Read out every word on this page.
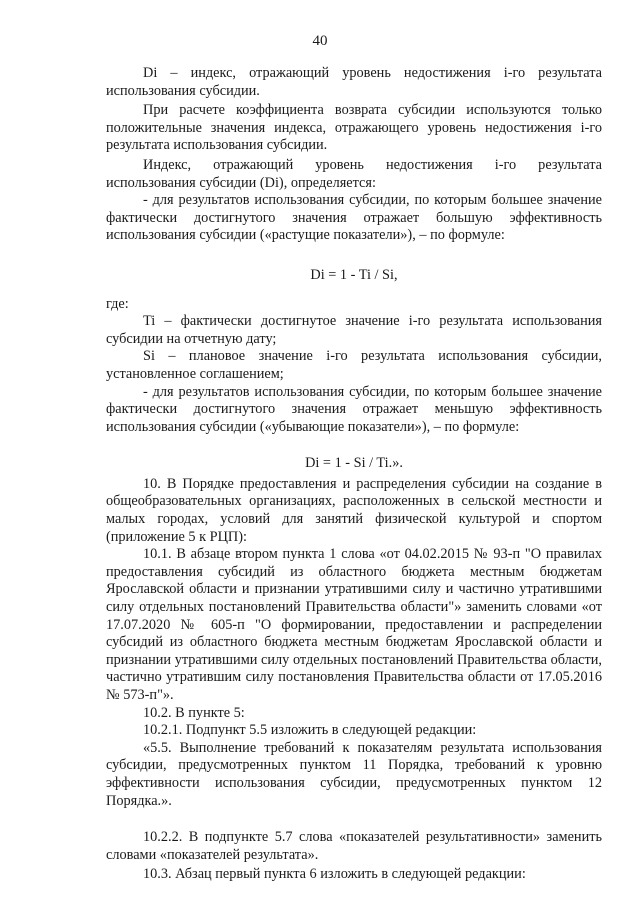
40

Di – индекс, отражающий уровень недостижения i-го результата использования субсидии.

При расчете коэффициента возврата субсидии используются только положительные значения индекса, отражающего уровень недостижения i-го результата использования субсидии.

Индекс, отражающий уровень недостижения i-го результата использования субсидии (Di), определяется:

- для результатов использования субсидии, по которым большее значение фактически достигнутого значения отражает большую эффективность использования субсидии («растущие показатели»), – по формуле:

Di = 1 - Ti / Si,

где:

Ti – фактически достигнутое значение i-го результата использования субсидии на отчетную дату;

Si – плановое значение i-го результата использования субсидии, установленное соглашением;

- для результатов использования субсидии, по которым большее значение фактически достигнутого значения отражает меньшую эффективность использования субсидии («убывающие показатели»), – по формуле:

Di = 1 - Si / Ti.».

10. В Порядке предоставления и распределения субсидии на создание в общеобразовательных организациях, расположенных в сельской местности и малых городах, условий для занятий физической культурой и спортом (приложение 5 к РЦП):

10.1. В абзаце втором пункта 1 слова «от 04.02.2015 № 93-п "О правилах предоставления субсидий из областного бюджета местным бюджетам Ярославской области и признании утратившими силу и частично утратившими силу отдельных постановлений Правительства области"» заменить словами «от 17.07.2020 № 605-п "О формировании, предоставлении и распределении субсидий из областного бюджета местным бюджетам Ярославской области и признании утратившими силу отдельных постановлений Правительства области, частично утратившим силу постановления Правительства области от 17.05.2016 № 573-п"».

10.2. В пункте 5:

10.2.1. Подпункт 5.5 изложить в следующей редакции:

«5.5. Выполнение требований к показателям результата использования субсидии, предусмотренных пунктом 11 Порядка, требований к уровню эффективности использования субсидии, предусмотренных пунктом 12 Порядка.».

10.2.2. В подпункте 5.7 слова «показателей результативности» заменить словами «показателей результата».

10.3. Абзац первый пункта 6 изложить в следующей редакции:
